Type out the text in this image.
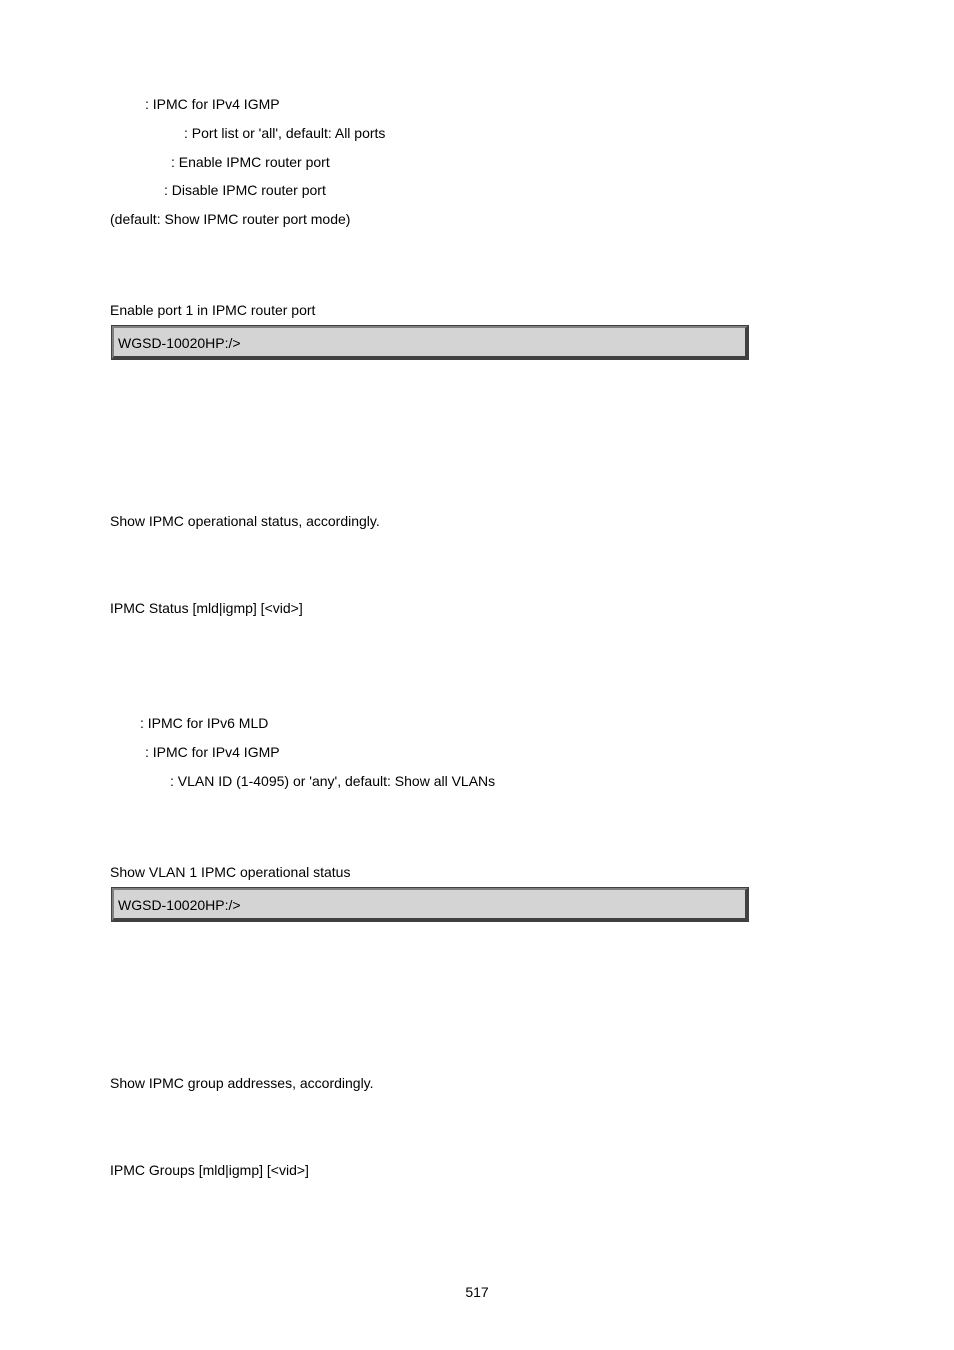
: IPMC for IPv4 IGMP
: Port list or 'all', default: All ports
: Enable IPMC router port
: Disable IPMC router port
(default: Show IPMC router port mode)
Enable port 1 in IPMC router port
WGSD-10020HP:/>
Show IPMC operational status, accordingly.
IPMC Status [mld|igmp] [<vid>]
: IPMC for IPv6 MLD
: IPMC for IPv4 IGMP
: VLAN ID (1-4095) or 'any', default: Show all VLANs
Show VLAN 1 IPMC operational status
WGSD-10020HP:/>
Show IPMC group addresses, accordingly.
IPMC Groups [mld|igmp] [<vid>]
517
